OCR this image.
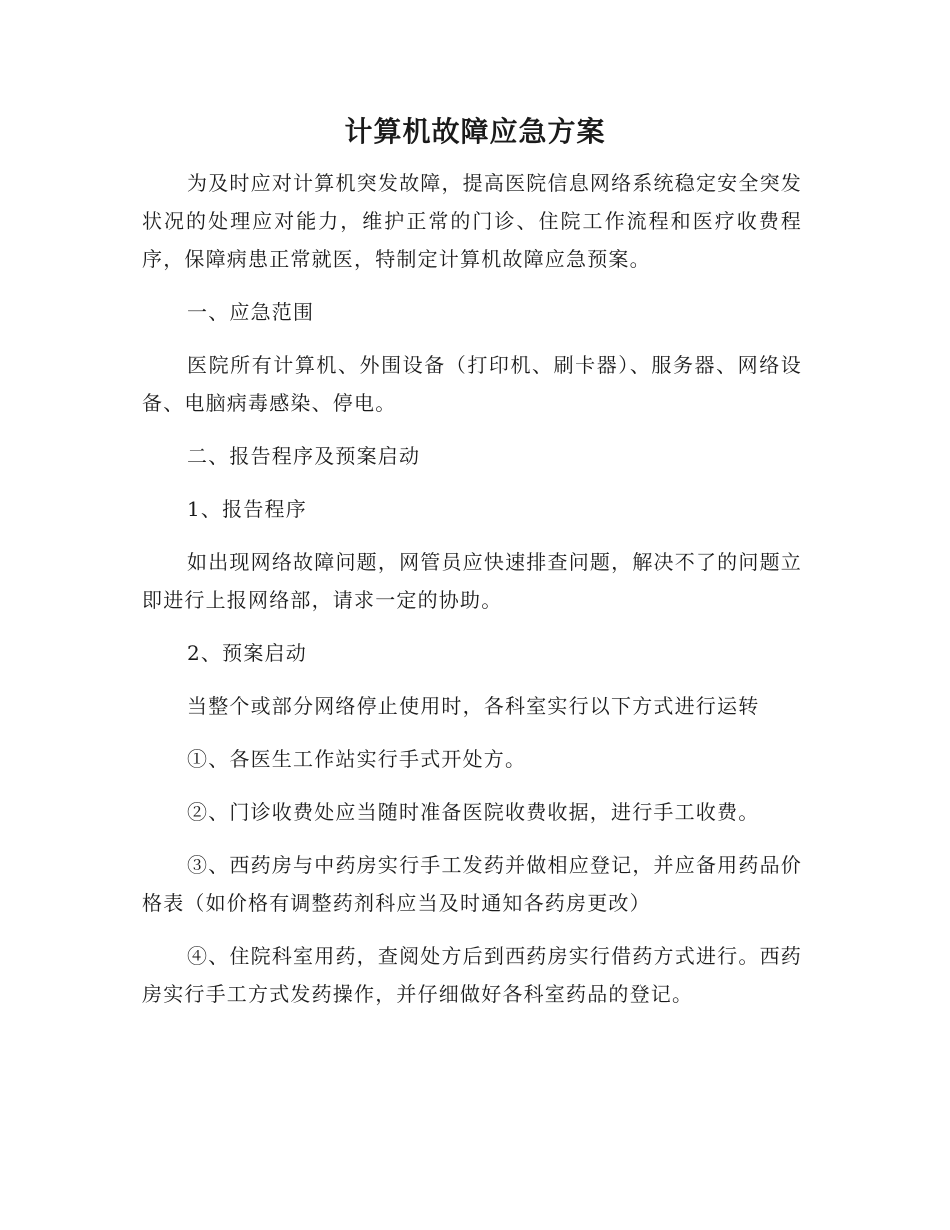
计算机故障应急方案

为及时应对计算机突发故障，提高医院信息网络系统稳定安全突发状况的处理应对能力，维护正常的门诊、住院工作流程和医疗收费程序，保障病患正常就医，特制定计算机故障应急预案。

一、应急范围

医院所有计算机、外围设备（打印机、刷卡器）、服务器、网络设备、电脑病毒感染、停电。

二、报告程序及预案启动

1、报告程序

如出现网络故障问题，网管员应快速排查问题，解决不了的问题立即进行上报网络部，请求一定的协助。

2、预案启动

当整个或部分网络停止使用时，各科室实行以下方式进行运转

①、各医生工作站实行手式开处方。

②、门诊收费处应当随时准备医院收费收据，进行手工收费。

③、西药房与中药房实行手工发药并做相应登记，并应备用药品价格表（如价格有调整药剂科应当及时通知各药房更改）

④、住院科室用药，查阅处方后到西药房实行借药方式进行。西药房实行手工方式发药操作，并仔细做好各科室药品的登记。
